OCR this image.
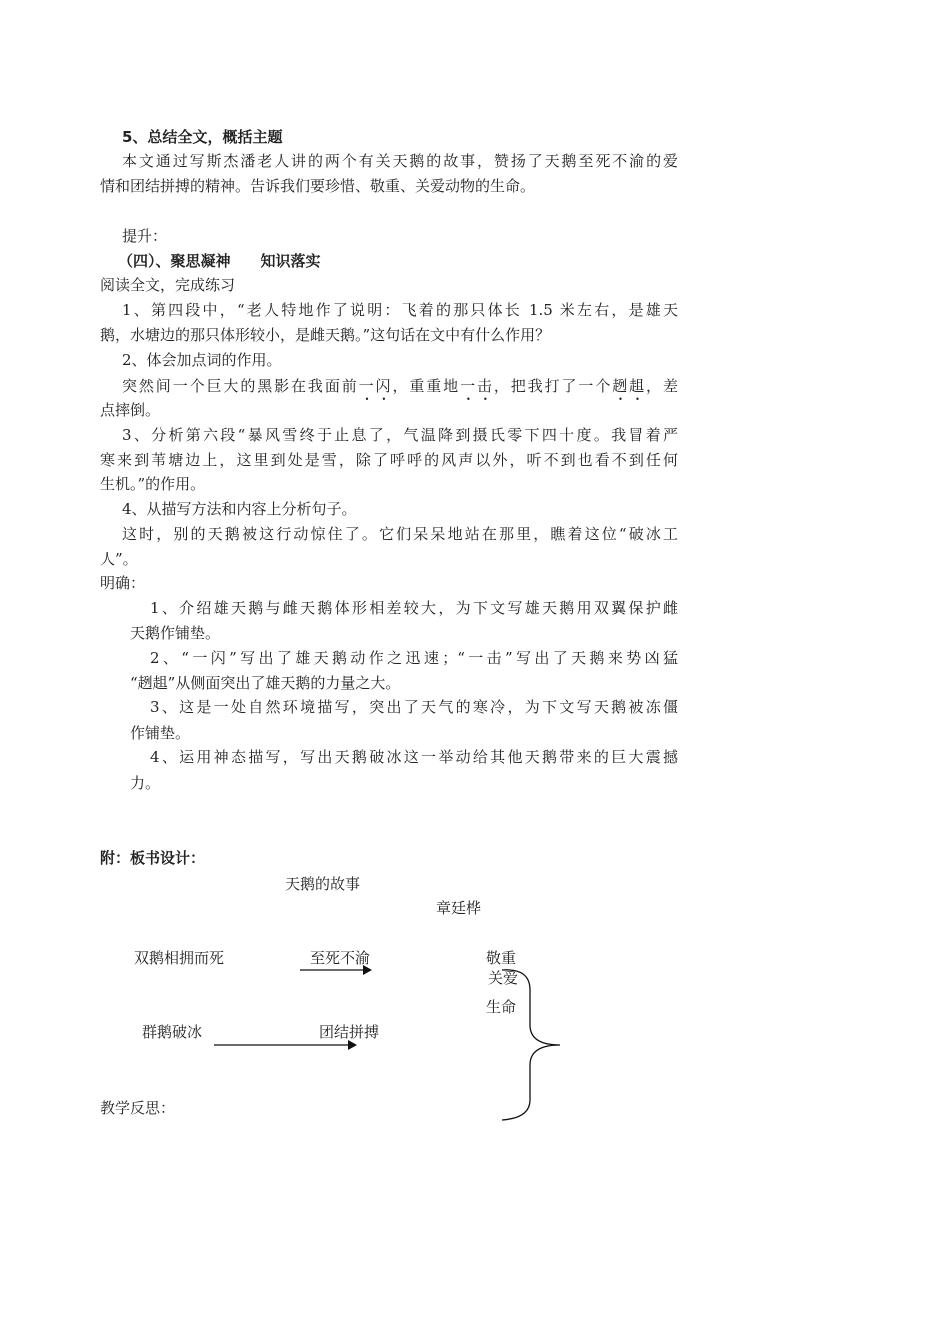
5、总结全文，概括主题
本文通过写斯杰潘老人讲的两个有关天鹅的故事，赞扬了天鹅至死不渝的爱
情和团结拼搏的精神。告诉我们要珍惜、敬重、关爱动物的生命。
提升：
（四）、聚思凝神　　知识落实
阅读全文，完成练习
1、第四段中，“老人特地作了说明：飞着的那只体长 1.5 米左右，是雄天
鹅，水塘边的那只体形较小，是雌天鹅。”这句话在文中有什么作用？
2、体会加点词的作用。
突然间一个巨大的黑影在我面前一闪，重重地一击，把我打了一个趔趄，差
点摔倒。
3、分析第六段“暴风雪终于止息了，气温降到摄氏零下四十度。我冒着严
寒来到苇塘边上，这里到处是雪，除了呼呼的风声以外，听不到也看不到任何
生机。”的作用。
4、从描写方法和内容上分析句子。
这时，别的天鹅被这行动惊住了。它们呆呆地站在那里，瞧着这位“破冰工
人”。
明确：
1、介绍雄天鹅与雌天鹅体形相差较大，为下文写雄天鹅用双翼保护雌
天鹅作铺垫。
2、“一闪”写出了雄天鹅动作之迅速；“一击”写出了天鹅来势凶猛
“趔趄”从侧面突出了雄天鹅的力量之大。
3、这是一处自然环境描写，突出了天气的寒冷，为下文写天鹅被冻僵
作铺垫。
4、运用神态描写，写出天鹅破冰这一举动给其他天鹅带来的巨大震撼
力。
附：板书设计：
天鹅的故事
章廷桦
双鹅相拥而死	至死不渝	敬重
关爱
生命
群鹅破冰	团结拼搏
教学反思：
